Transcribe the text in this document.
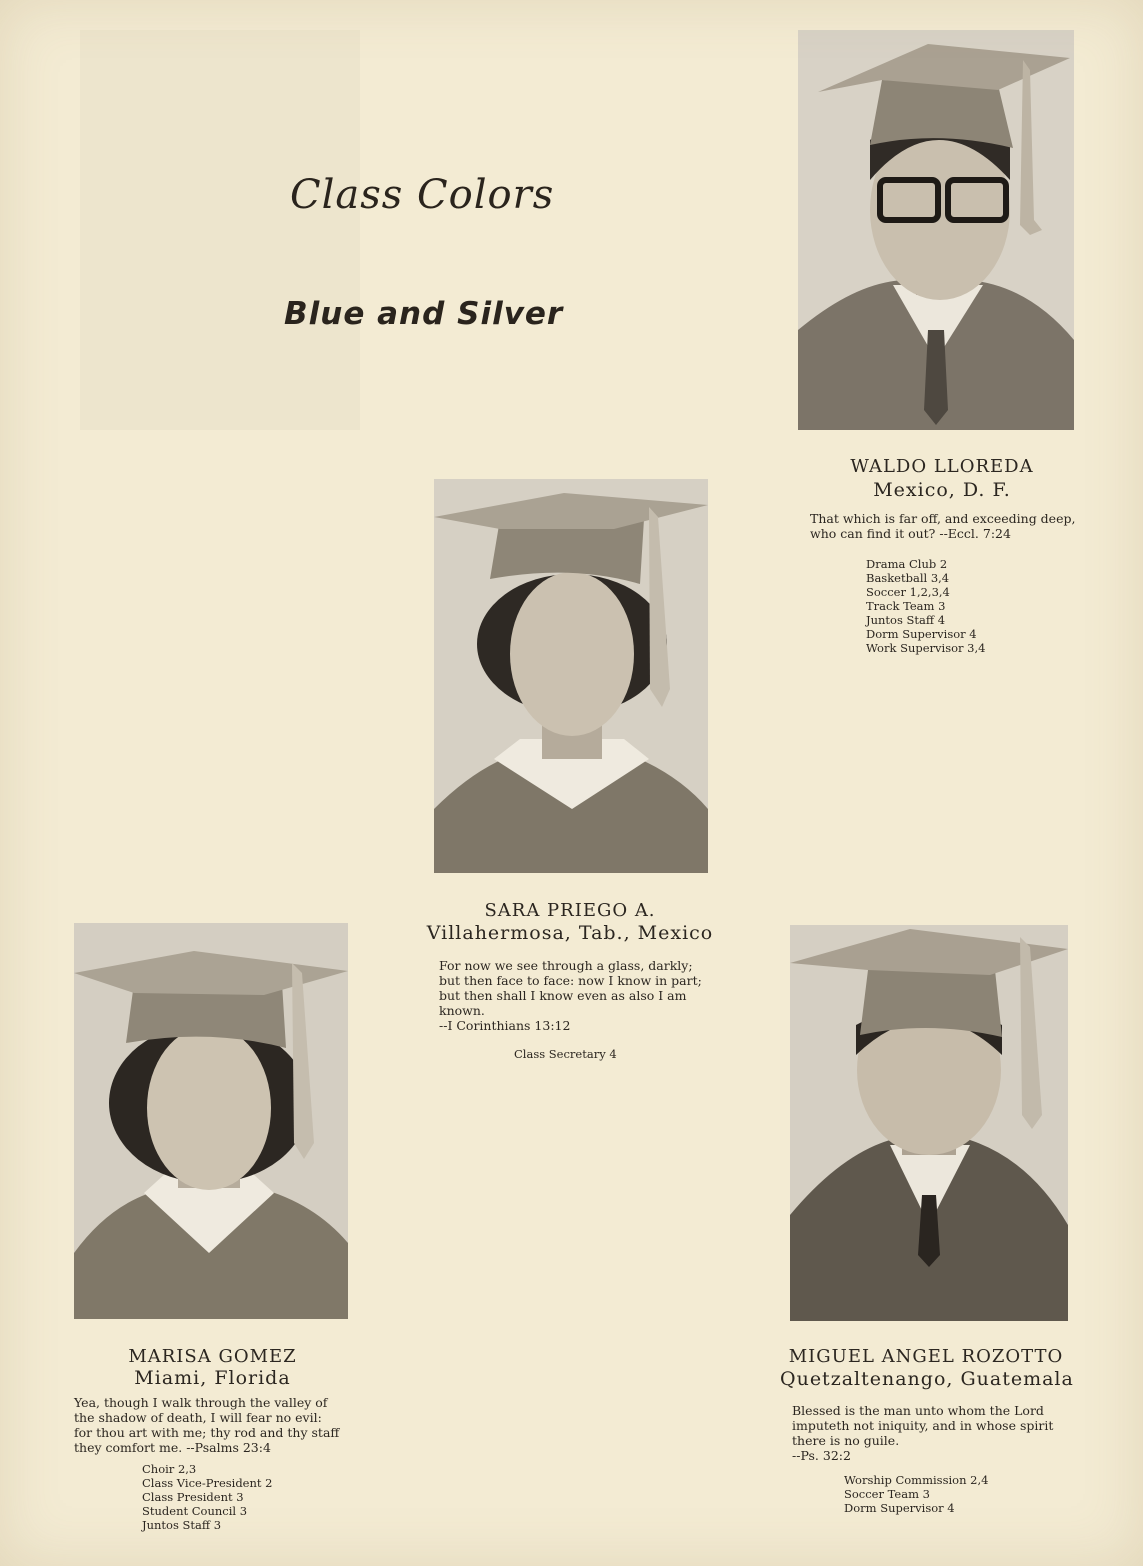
Class Colors
Blue and Silver
WALDO LLOREDA
Mexico, D. F.
That which is far off, and exceeding deep,
who can find it out? --Eccl. 7:24
Drama Club 2
Basketball 3,4
Soccer 1,2,3,4
Track Team 3
Juntos Staff 4
Dorm Supervisor 4
Work Supervisor 3,4
SARA PRIEGO A.
Villahermosa, Tab., Mexico
For now we see through a glass, darkly;
but then face to face: now I know in part;
but then shall I know even as also I am
known.
--I Corinthians 13:12
Class Secretary 4
MARISA GOMEZ
Miami, Florida
Yea, though I walk through the valley of
the shadow of death, I will fear no evil:
for thou art with me; thy rod and thy staff
they comfort me. --Psalms 23:4
Choir 2,3
Class Vice-President 2
Class President 3
Student Council 3
Juntos Staff 3
MIGUEL ANGEL ROZOTTO
Quetzaltenango, Guatemala
Blessed is the man unto whom the Lord
imputeth not iniquity, and in whose spirit
there is no guile.
--Ps. 32:2
Worship Commission 2,4
Soccer Team 3
Dorm Supervisor 4
